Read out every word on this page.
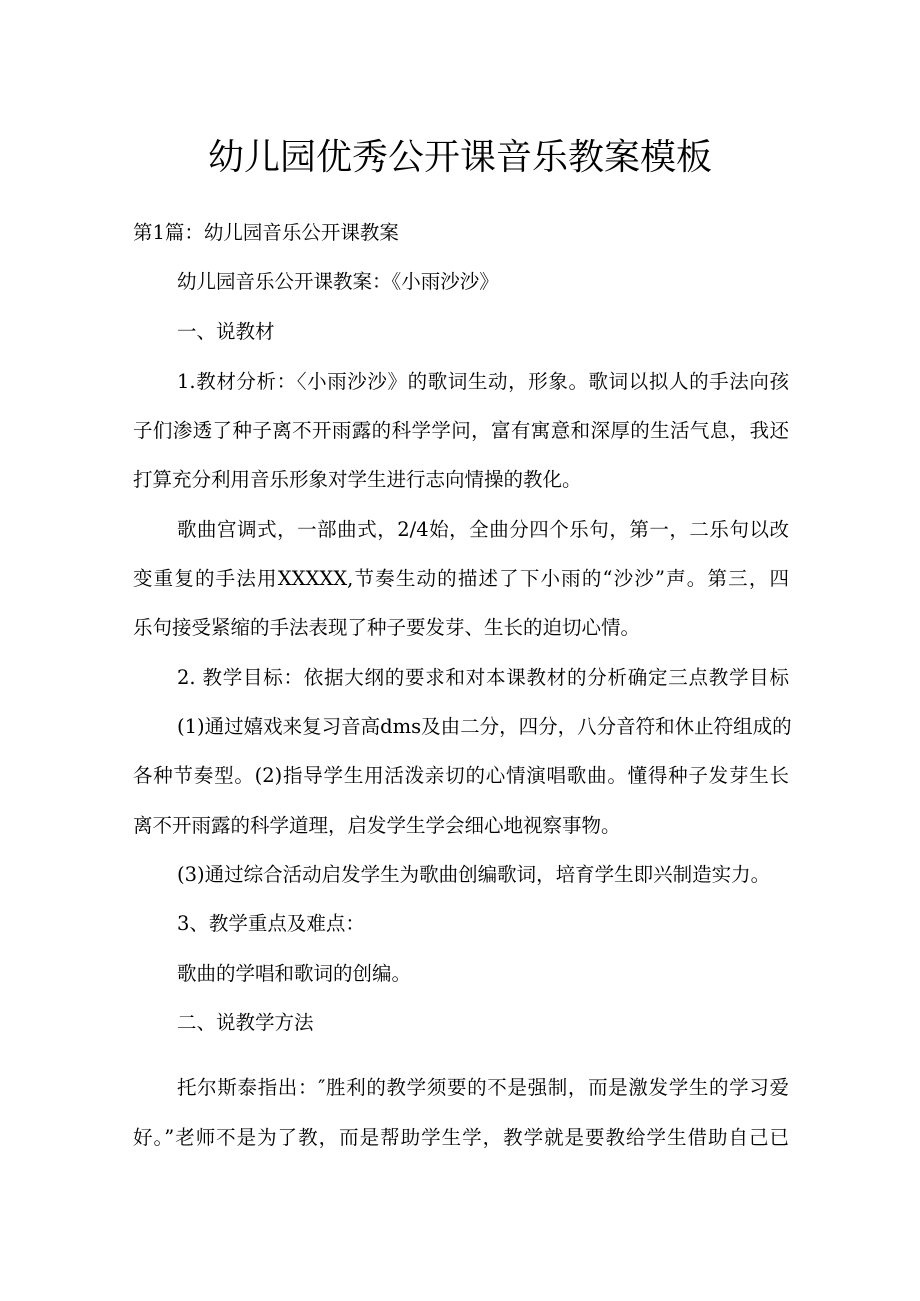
幼儿园优秀公开课音乐教案模板
第1篇：幼儿园音乐公开课教案
幼儿园音乐公开课教案：《小雨沙沙》
一、说教材
1.教材分析：〈小雨沙沙》的歌词生动，形象。歌词以拟人的手法向孩
子们渗透了种子离不开雨露的科学学问，富有寓意和深厚的生活气息，我还
打算充分利用音乐形象对学生进行志向情操的教化。
歌曲宫调式，一部曲式，2/4始，全曲分四个乐句，第一，二乐句以改
变重复的手法用XXXXX,节奏生动的描述了下小雨的“沙沙”声。第三，四
乐句接受紧缩的手法表现了种子要发芽、生长的迫切心情。
2. 教学目标：依据大纲的要求和对本课教材的分析确定三点教学目标
(1)通过嬉戏来复习音高dms及由二分，四分，八分音符和休止符组成的
各种节奏型。(2)指导学生用活泼亲切的心情演唱歌曲。懂得种子发芽生长
离不开雨露的科学道理，启发学生学会细心地视察事物。
(3)通过综合活动启发学生为歌曲创编歌词，培育学生即兴制造实力。
3、教学重点及难点：
歌曲的学唱和歌词的创编。
二、说教学方法
托尔斯泰指出：″胜利的教学须要的不是强制，而是激发学生的学习爱
好。”老师不是为了教，而是帮助学生学，教学就是要教给学生借助自己已
